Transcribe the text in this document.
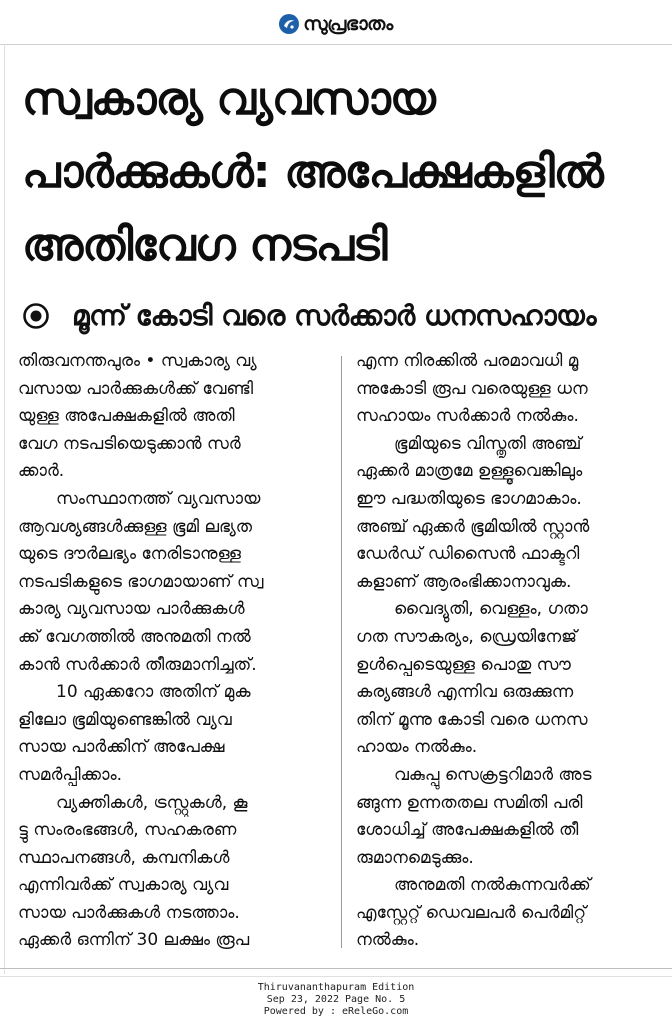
സുപ്രഭാതം
സ്വകാര്യ വ്യവസായ
പാർക്കുകൾ: അപേക്ഷകളിൽ
അതിവേഗ നടപടി
മൂന്ന് കോടി വരെ സർക്കാർ ധനസഹായം

തിരുവനന്തപുരം • സ്വകാര്യ വ്യ
വസായ പാർക്കുകൾക്ക് വേണ്ടി
യുള്ള അപേക്ഷകളിൽ അതി
വേഗ നടപടിയെടുക്കാൻ സർ
ക്കാർ.

സംസ്ഥാനത്ത് വ്യവസായ
ആവശ്യങ്ങൾക്കുള്ള ഭൂമി ലഭ്യത
യുടെ ദൗർലഭ്യം നേരിടാനുള്ള
നടപടികളുടെ ഭാഗമായാണ് സ്വ
കാര്യ വ്യവസായ പാർക്കുകൾ
ക്ക് വേഗത്തിൽ അനുമതി നൽ
കാൻ സർക്കാർ തീരുമാനിച്ചത്.

10 ഏക്കറോ അതിന് മുക
ളിലോ ഭൂമിയുണ്ടെങ്കിൽ വ്യവ
സായ പാർക്കിന് അപേക്ഷ
സമർപ്പിക്കാം.

വ്യക്തികൾ, ട്രസ്റ്റുകൾ, കൂ
ട്ടു സംരംഭങ്ങൾ, സഹകരണ
സ്ഥാപനങ്ങൾ, കമ്പനികൾ
എന്നിവർക്ക് സ്വകാര്യ വ്യവ
സായ പാർക്കുകൾ നടത്താം.
ഏക്കർ ഒന്നിന് 30 ലക്ഷം രൂപ

എന്ന നിരക്കിൽ പരമാവധി മൂ
ന്നുകോടി രൂപ വരെയുള്ള ധന
സഹായം സർക്കാർ നൽകും.

ഭൂമിയുടെ വിസ്തൃതി അഞ്ച്
ഏക്കർ മാത്രമേ ഉള്ളൂവെങ്കിലും
ഈ പദ്ധതിയുടെ ഭാഗമാകാം.
അഞ്ച് ഏക്കർ ഭൂമിയിൽ സ്റ്റാൻ
ഡേർഡ് ഡിസൈൻ ഫാക്ടറി
കളാണ് ആരംഭിക്കാനാവുക.

വൈദ്യുതി, വെള്ളം, ഗതാ
ഗത സൗകര്യം, ഡ്രെയിനേജ്
ഉൾപ്പെടെയുള്ള പൊതു സൗ
കര്യങ്ങൾ എന്നിവ ഒരുക്കുന്ന
തിന് മൂന്നു കോടി വരെ ധനസ
ഹായം നൽകും.

വകുപ്പു സെക്രട്ടറിമാർ അട
ങ്ങുന്ന ഉന്നതതല സമിതി പരി
ശോധിച്ച് അപേക്ഷകളിൽ തീ
രുമാനമെടുക്കും.

അനുമതി നൽകുന്നവർക്ക്
എസ്റ്റേറ്റ് ഡെവലപർ പെർമിറ്റ്
നൽകും.

Thiruvananthapuram Edition
Sep 23, 2022 Page No. 5
Powered by : eReleGo.com
